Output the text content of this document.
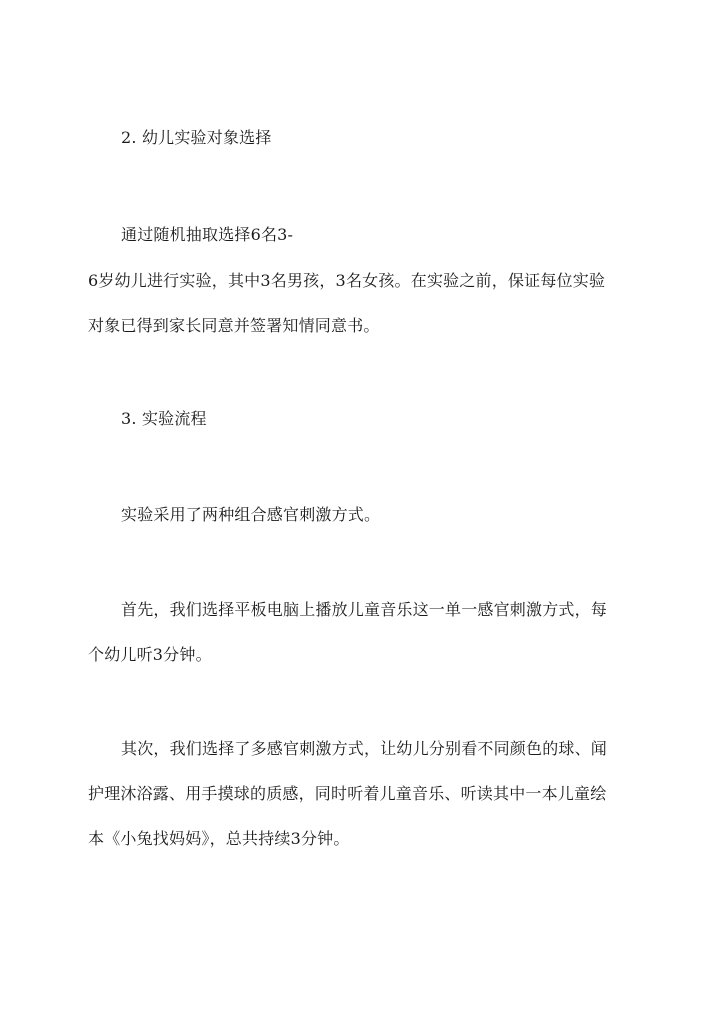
2. 幼儿实验对象选择
通过随机抽取选择6名3-
6岁幼儿进行实验，其中3名男孩，3名女孩。在实验之前，保证每位实验
对象已得到家长同意并签署知情同意书。
3. 实验流程
实验采用了两种组合感官刺激方式。
首先，我们选择平板电脑上播放儿童音乐这一单一感官刺激方式，每
个幼儿听3分钟。
其次，我们选择了多感官刺激方式，让幼儿分别看不同颜色的球、闻
护理沐浴露、用手摸球的质感，同时听着儿童音乐、听读其中一本儿童绘
本《小兔找妈妈》，总共持续3分钟。
